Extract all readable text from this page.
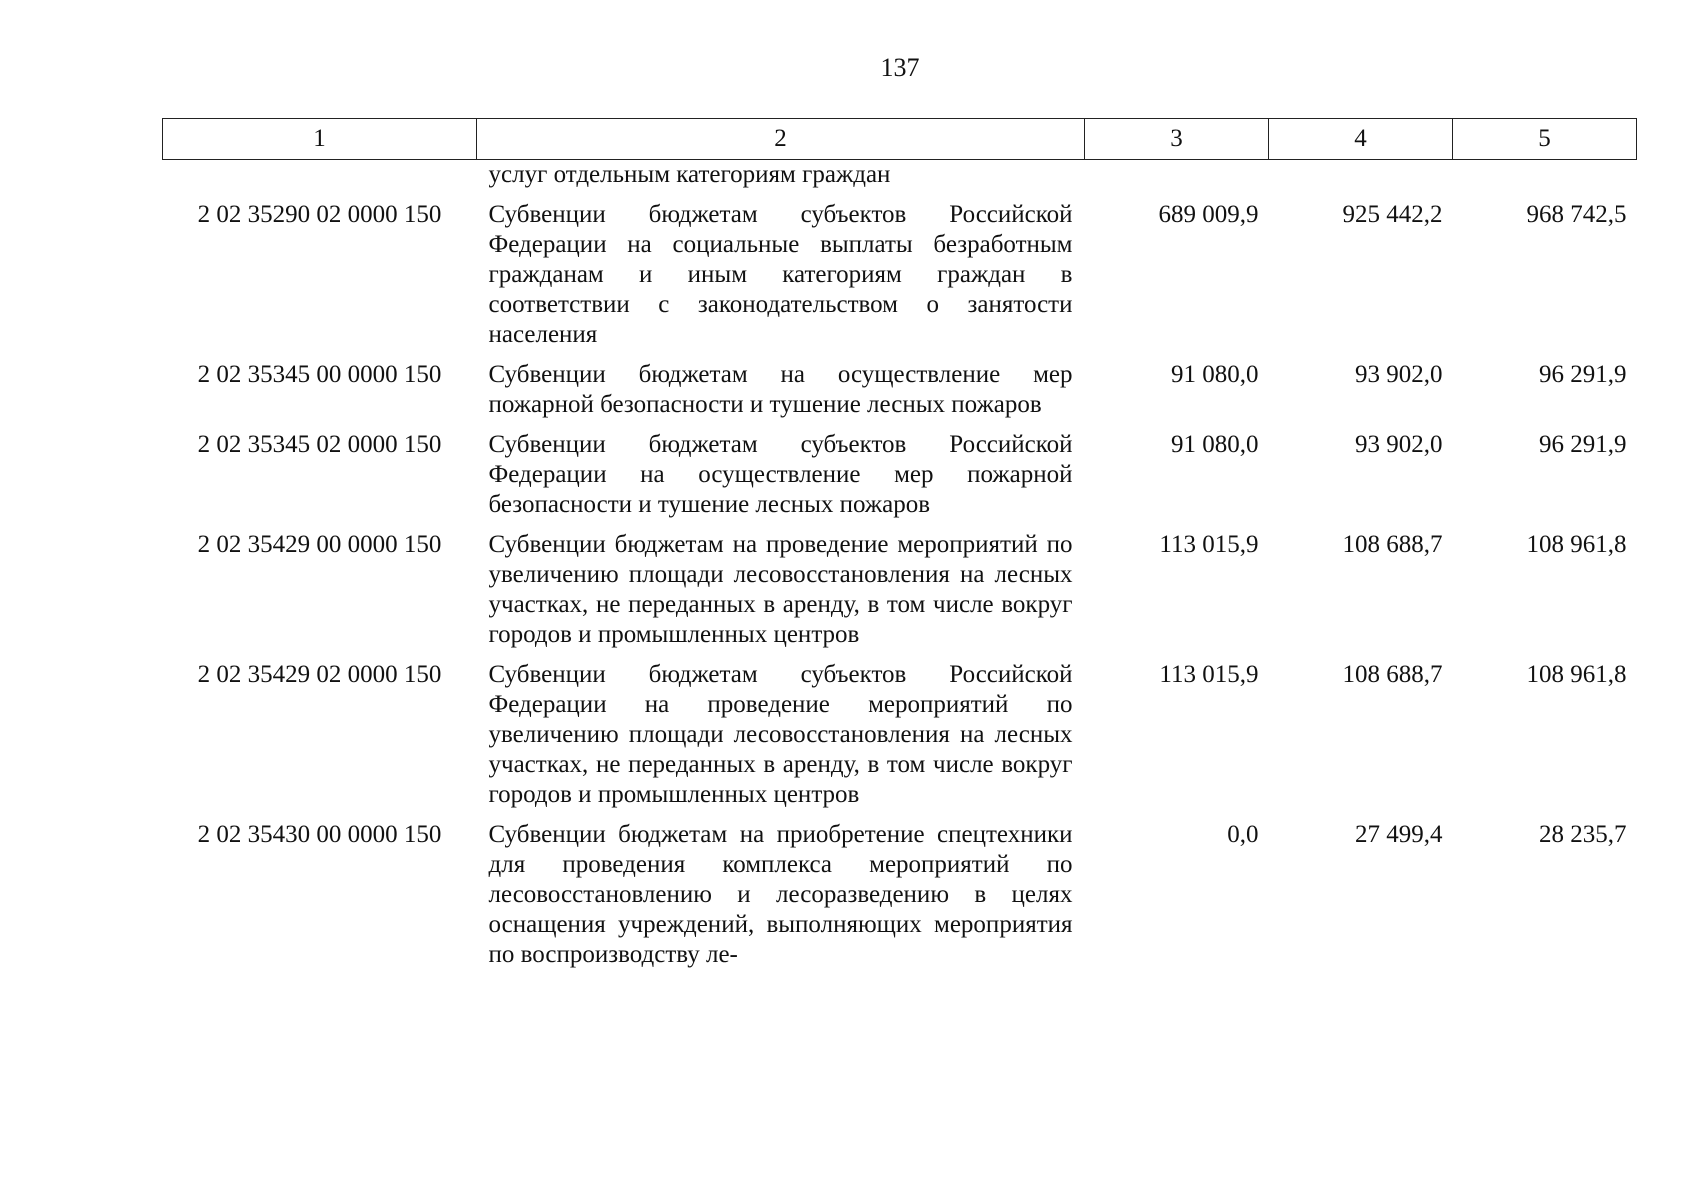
137
1	2	3	4	5
	услуг отдельным категориям граждан			
2 02 35290 02 0000 150	Субвенции бюджетам субъектов Российской Федерации на социальные выплаты безработным гражданам и иным категориям граждан в соответствии с законодательством о занятости населения	689 009,9	925 442,2	968 742,5
2 02 35345 00 0000 150	Субвенции бюджетам на осуществление мер пожарной безопасности и тушение лесных пожаров	91 080,0	93 902,0	96 291,9
2 02 35345 02 0000 150	Субвенции бюджетам субъектов Российской Федерации на осуществление мер пожарной безопасности и тушение лесных пожаров	91 080,0	93 902,0	96 291,9
2 02 35429 00 0000 150	Субвенции бюджетам на проведение мероприятий по увеличению площади лесовосстановления на лесных участках, не переданных в аренду, в том числе вокруг городов и промышленных центров	113 015,9	108 688,7	108 961,8
2 02 35429 02 0000 150	Субвенции бюджетам субъектов Российской Федерации на проведение мероприятий по увеличению площади лесовосстановления на лесных участках, не переданных в аренду, в том числе вокруг городов и промышленных центров	113 015,9	108 688,7	108 961,8
2 02 35430 00 0000 150	Субвенции бюджетам на приобретение спецтехники для проведения комплекса мероприятий по лесовосстановлению и лесоразведению в целях оснащения учреждений, выполняющих мероприятия по воспроизводству ле-	0,0	27 499,4	28 235,7
